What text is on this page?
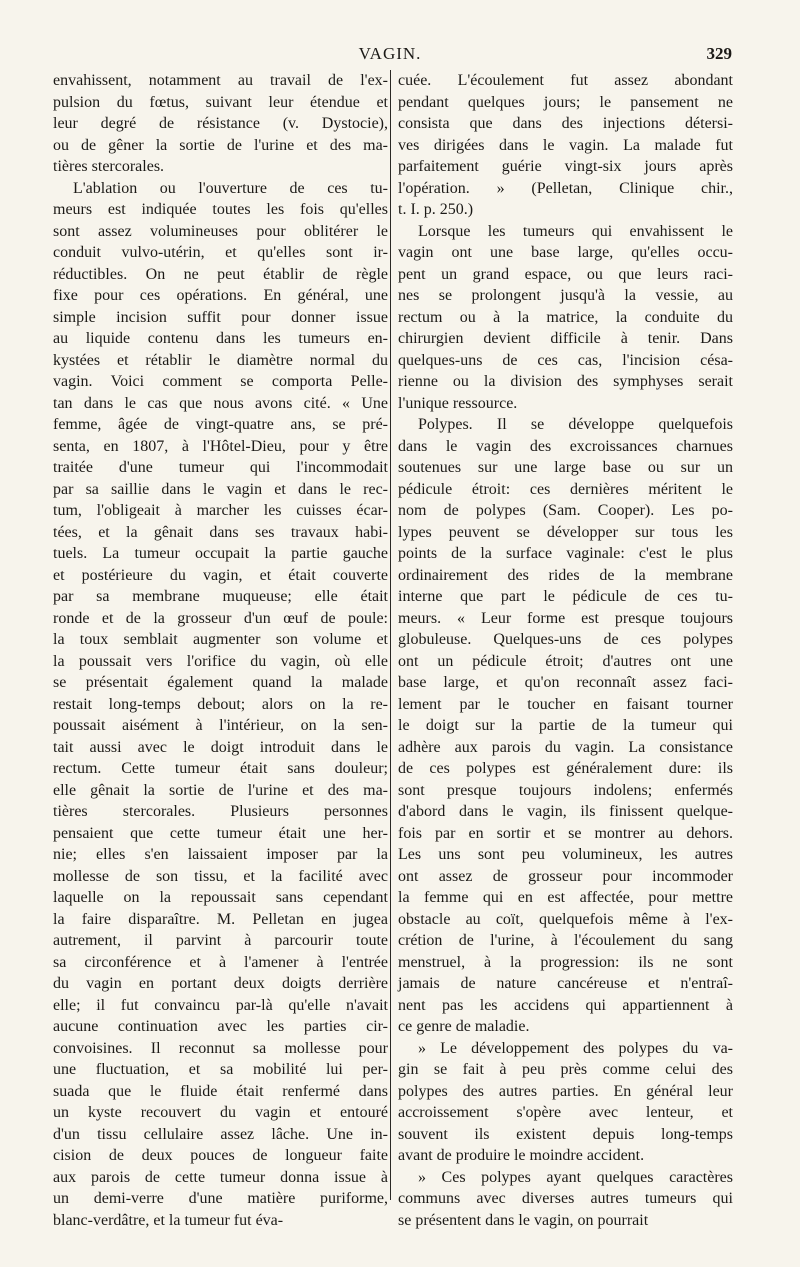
VAGIN.	329

envahissent, notamment au travail de l'ex-

pulsion du fœtus, suivant leur étendue et

leur degré de résistance (v. Dystocie),

ou de gêner la sortie de l'urine et des ma-

tières stercorales.

L'ablation ou l'ouverture de ces tu-

meurs est indiquée toutes les fois qu'elles

sont assez volumineuses pour oblitérer le

conduit vulvo-utérin, et qu'elles sont ir-

réductibles. On ne peut établir de règle

fixe pour ces opérations. En général, une

simple incision suffit pour donner issue

au liquide contenu dans les tumeurs en-

kystées et rétablir le diamètre normal du

vagin. Voici comment se comporta Pelle-

tan dans le cas que nous avons cité. « Une

femme, âgée de vingt-quatre ans, se pré-

senta, en 1807, à l'Hôtel-Dieu, pour y être

traitée d'une tumeur qui l'incommodait

par sa saillie dans le vagin et dans le rec-

tum, l'obligeait à marcher les cuisses écar-

tées, et la gênait dans ses travaux habi-

tuels. La tumeur occupait la partie gauche

et postérieure du vagin, et était couverte

par sa membrane muqueuse; elle était

ronde et de la grosseur d'un œuf de poule:

la toux semblait augmenter son volume et

la poussait vers l'orifice du vagin, où elle

se présentait également quand la malade

restait long-temps debout; alors on la re-

poussait aisément à l'intérieur, on la sen-

tait aussi avec le doigt introduit dans le

rectum. Cette tumeur était sans douleur;

elle gênait la sortie de l'urine et des ma-

tières stercorales. Plusieurs personnes

pensaient que cette tumeur était une her-

nie; elles s'en laissaient imposer par la

mollesse de son tissu, et la facilité avec

laquelle on la repoussait sans cependant

la faire disparaître. M. Pelletan en jugea

autrement, il parvint à parcourir toute

sa circonférence et à l'amener à l'entrée

du vagin en portant deux doigts derrière

elle; il fut convaincu par-là qu'elle n'avait

aucune continuation avec les parties cir-

convoisines. Il reconnut sa mollesse pour

une fluctuation, et sa mobilité lui per-

suada que le fluide était renfermé dans

un kyste recouvert du vagin et entouré

d'un tissu cellulaire assez lâche. Une in-

cision de deux pouces de longueur faite

aux parois de cette tumeur donna issue à

un demi-verre d'une matière puriforme,

blanc-verdâtre, et la tumeur fut éva-

cuée. L'écoulement fut assez abondant

pendant quelques jours; le pansement ne

consista que dans des injections détersi-

ves dirigées dans le vagin. La malade fut

parfaitement guérie vingt-six jours après

l'opération. » (Pelletan, Clinique chir.,

t. I. p. 250.)

Lorsque les tumeurs qui envahissent le

vagin ont une base large, qu'elles occu-

pent un grand espace, ou que leurs raci-

nes se prolongent jusqu'à la vessie, au

rectum ou à la matrice, la conduite du

chirurgien devient difficile à tenir. Dans

quelques-uns de ces cas, l'incision césa-

rienne ou la division des symphyses serait

l'unique ressource.

Polypes. Il se développe quelquefois

dans le vagin des excroissances charnues

soutenues sur une large base ou sur un

pédicule étroit: ces dernières méritent le

nom de polypes (Sam. Cooper). Les po-

lypes peuvent se développer sur tous les

points de la surface vaginale: c'est le plus

ordinairement des rides de la membrane

interne que part le pédicule de ces tu-

meurs. « Leur forme est presque toujours

globuleuse. Quelques-uns de ces polypes

ont un pédicule étroit; d'autres ont une

base large, et qu'on reconnaît assez faci-

lement par le toucher en faisant tourner

le doigt sur la partie de la tumeur qui

adhère aux parois du vagin. La consistance

de ces polypes est généralement dure: ils

sont presque toujours indolens; enfermés

d'abord dans le vagin, ils finissent quelque-

fois par en sortir et se montrer au dehors.

Les uns sont peu volumineux, les autres

ont assez de grosseur pour incommoder

la femme qui en est affectée, pour mettre

obstacle au coït, quelquefois même à l'ex-

crétion de l'urine, à l'écoulement du sang

menstruel, à la progression: ils ne sont

jamais de nature cancéreuse et n'entraî-

nent pas les accidens qui appartiennent à

ce genre de maladie.

» Le développement des polypes du va-

gin se fait à peu près comme celui des

polypes des autres parties. En général leur

accroissement s'opère avec lenteur, et

souvent ils existent depuis long-temps

avant de produire le moindre accident.

» Ces polypes ayant quelques caractères

communs avec diverses autres tumeurs qui

se présentent dans le vagin, on pourrait
